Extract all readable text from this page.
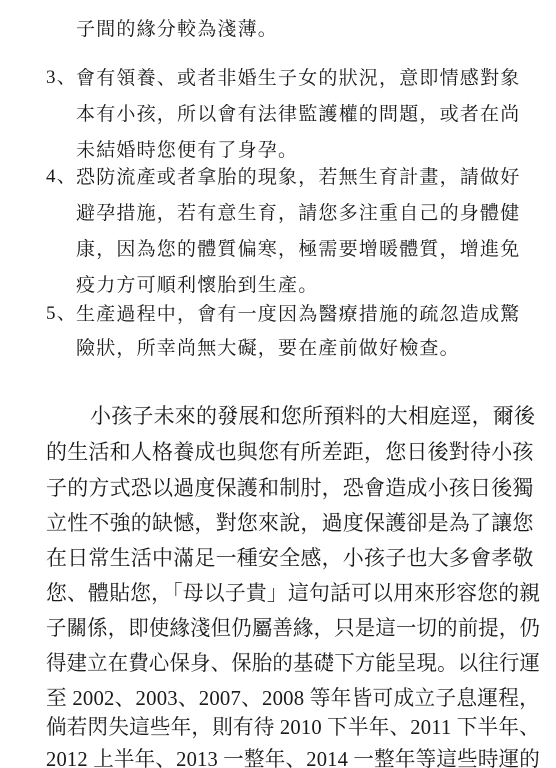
子間的緣分較為淺薄。
3、 會有領養、或者非婚生子女的狀況，意即情感對象
本有小孩，所以會有法律監護權的問題，或者在尚
未結婚時您便有了身孕。
4、 恐防流產或者拿胎的現象，若無生育計畫，請做好
避孕措施，若有意生育，請您多注重自己的身體健
康，因為您的體質偏寒，極需要增暖體質，增進免
疫力方可順利懷胎到生產。
5、 生產過程中，會有一度因為醫療措施的疏忽造成驚
險狀，所幸尚無大礙，要在產前做好檢查。
小孩子未來的發展和您所預料的大相庭逕，爾後
的生活和人格養成也與您有所差距，您日後對待小孩
子的方式恐以過度保護和制肘，恐會造成小孩日後獨
立性不強的缺憾，對您來說，過度保護卻是為了讓您
在日常生活中滿足一種安全感，小孩子也大多會孝敬
您、體貼您，「母以子貴」這句話可以用來形容您的親
子關係，即使緣淺但仍屬善緣，只是這一切的前提，仍
得建立在費心保身、保胎的基礎下方能呈現。以往行運
至 2002、2003、2007、2008 等年皆可成立子息運程，
倘若閃失這些年，則有待 2010 下半年、2011 下半年、
2012 上半年、2013 一整年、2014 一整年等這些時運的
